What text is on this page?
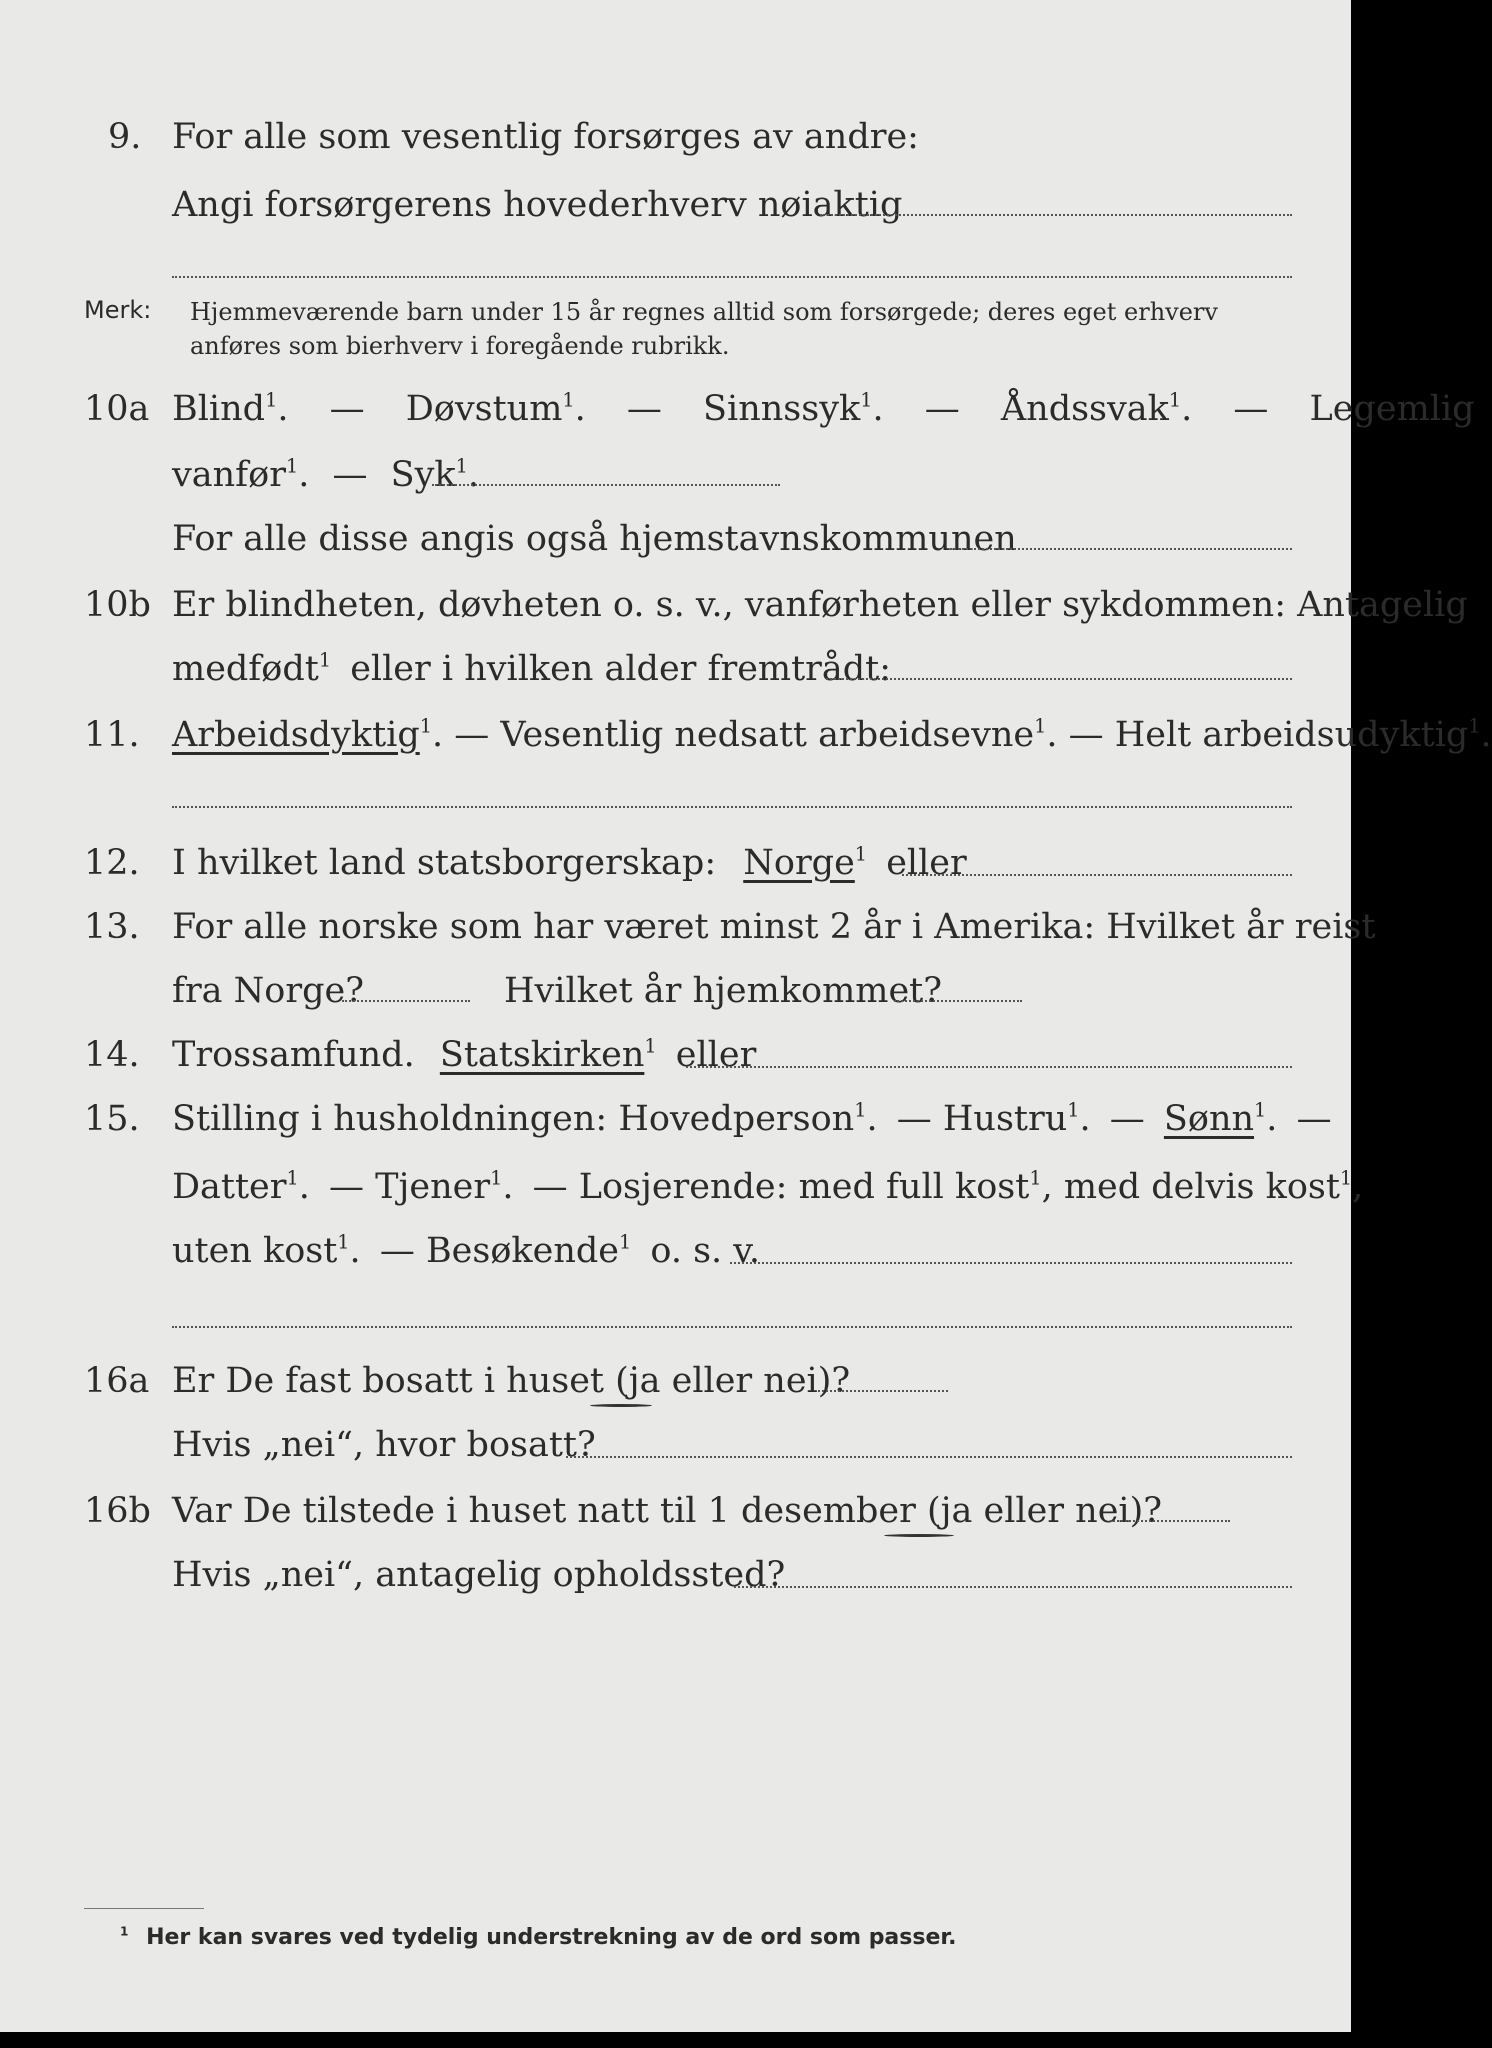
9. For alle som vesentlig forsørges av andre:
Angi forsørgerens hovederhverv nøiaktig
Merk: Hjemmeværende barn under 15 år regnes alltid som forsørgede; deres eget erhverv
anføres som bierhverv i foregående rubrikk.
10a Blind$^1$. — Døvstum$^1$. — Sinnssyk$^1$. — Åndssvak$^1$. — Legemlig
vanfør$^1$. — Syk$^1$.
For alle disse angis også hjemstavnskommunen
10b Er blindheten, døvheten o. s. v., vanførheten eller sykdommen: Antagelig
medfødt$^1$ eller i hvilken alder fremtrådt:
11. Arbeidsdyktig$^1$. — Vesentlig nedsatt arbeidsevne$^1$. — Helt arbeidsudyktig$^1$.
12. I hvilket land statsborgerskap: Norge$^1$ eller
13. For alle norske som har været minst 2 år i Amerika: Hvilket år reist
fra Norge?	Hvilket år hjemkommet?
14. Trossamfund. Statskirken$^1$ eller
15. Stilling i husholdningen: Hovedperson$^1$. — Hustru$^1$. — Sønn$^1$. —
Datter$^1$. — Tjener$^1$. — Losjerende: med full kost$^1$, med delvis kost$^1$,
uten kost$^1$. — Besøkende$^1$ o. s. v.
16a Er De fast bosatt i huset (ja eller nei)?
Hvis „nei“, hvor bosatt?
16b Var De tilstede i huset natt til 1 desember (ja eller nei)?
Hvis „nei“, antagelig opholdssted?
$^1$ Her kan svares ved tydelig understrekning av de ord som passer.
